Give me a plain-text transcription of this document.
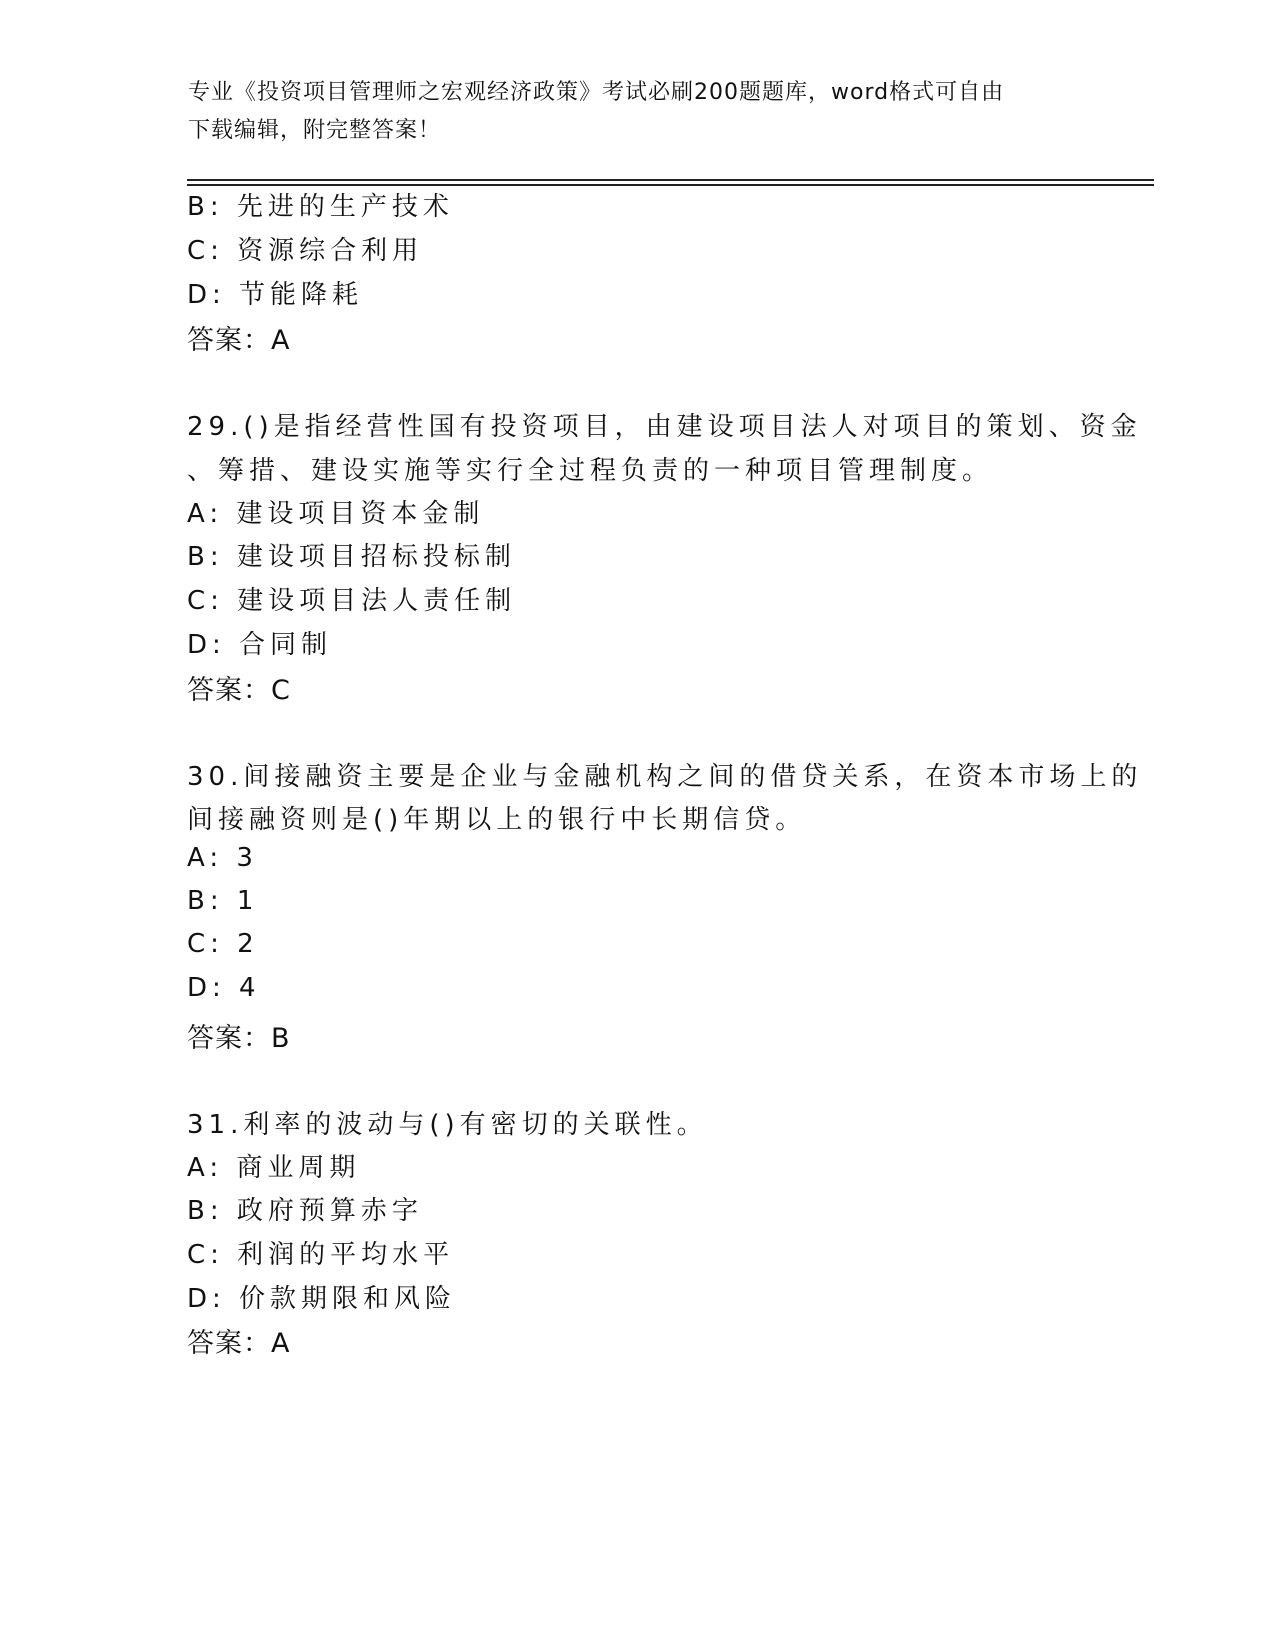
专业《投资项目管理师之宏观经济政策》考试必刷200题题库，word格式可自由
下载编辑，附完整答案！
B: 先进的生产技术
C: 资源综合利用
D: 节能降耗
答案：A
29.()是指经营性国有投资项目，由建设项目法人对项目的策划、资金
、筹措、建设实施等实行全过程负责的一种项目管理制度。
A: 建设项目资本金制
B: 建设项目招标投标制
C: 建设项目法人责任制
D: 合同制
答案：C
30.间接融资主要是企业与金融机构之间的借贷关系，在资本市场上的
间接融资则是()年期以上的银行中长期信贷。
A: 3
B: 1
C: 2
D: 4
答案：B
31.利率的波动与()有密切的关联性。
A: 商业周期
B: 政府预算赤字
C: 利润的平均水平
D: 价款期限和风险
答案：A
